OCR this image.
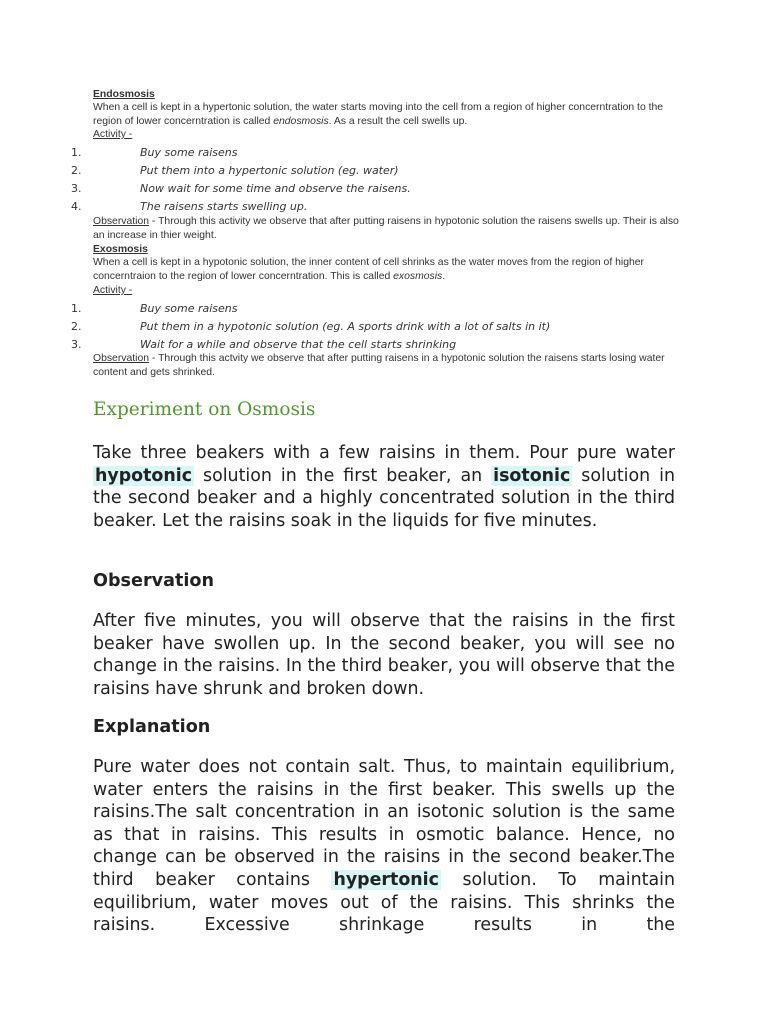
Endosmosis
When a cell is kept in a hypertonic solution, the water starts moving into the cell from a region of higher concerntration to the region of lower concerntration is called endosmosis. As a result the cell swells up.
Activity -
1.	Buy some raisens
2.	Put them into a hypertonic solution (eg. water)
3.	Now wait for some time and observe the raisens.
4.	The raisens starts swelling up.
Observation - Through this activity we observe that after putting raisens in hypotonic solution the raisens swells up. Their is also an increase in thier weight.
Exosmosis
When a cell is kept in a hypotonic solution, the inner content of cell shrinks as the water moves from the region of higher concerntraion to the region of lower concerntration. This is called exosmosis.
Activity -
1.	Buy some raisens
2.	Put them in a hypotonic solution (eg. A sports drink with a lot of salts in it)
3.	Wait for a while and observe that the cell starts shrinking
Observation - Through this actvity we observe that after putting raisens in a hypotonic solution the raisens starts losing water content and gets shrinked.
Experiment on Osmosis

Take three beakers with a few raisins in them. Pour pure water hypotonic solution in the first beaker, an isotonic solution in the second beaker and a highly concentrated solution in the third beaker. Let the raisins soak in the liquids for five minutes.

Observation

After five minutes, you will observe that the raisins in the first beaker have swollen up. In the second beaker, you will see no change in the raisins. In the third beaker, you will observe that the raisins have shrunk and broken down.

Explanation

Pure water does not contain salt. Thus, to maintain equilibrium, water enters the raisins in the first beaker. This swells up the raisins.The salt concentration in an isotonic solution is the same as that in raisins. This results in osmotic balance. Hence, no change can be observed in the raisins in the second beaker.The third beaker contains hypertonic solution. To maintain equilibrium, water moves out of the raisins. This shrinks the raisins. Excessive shrinkage results in the
